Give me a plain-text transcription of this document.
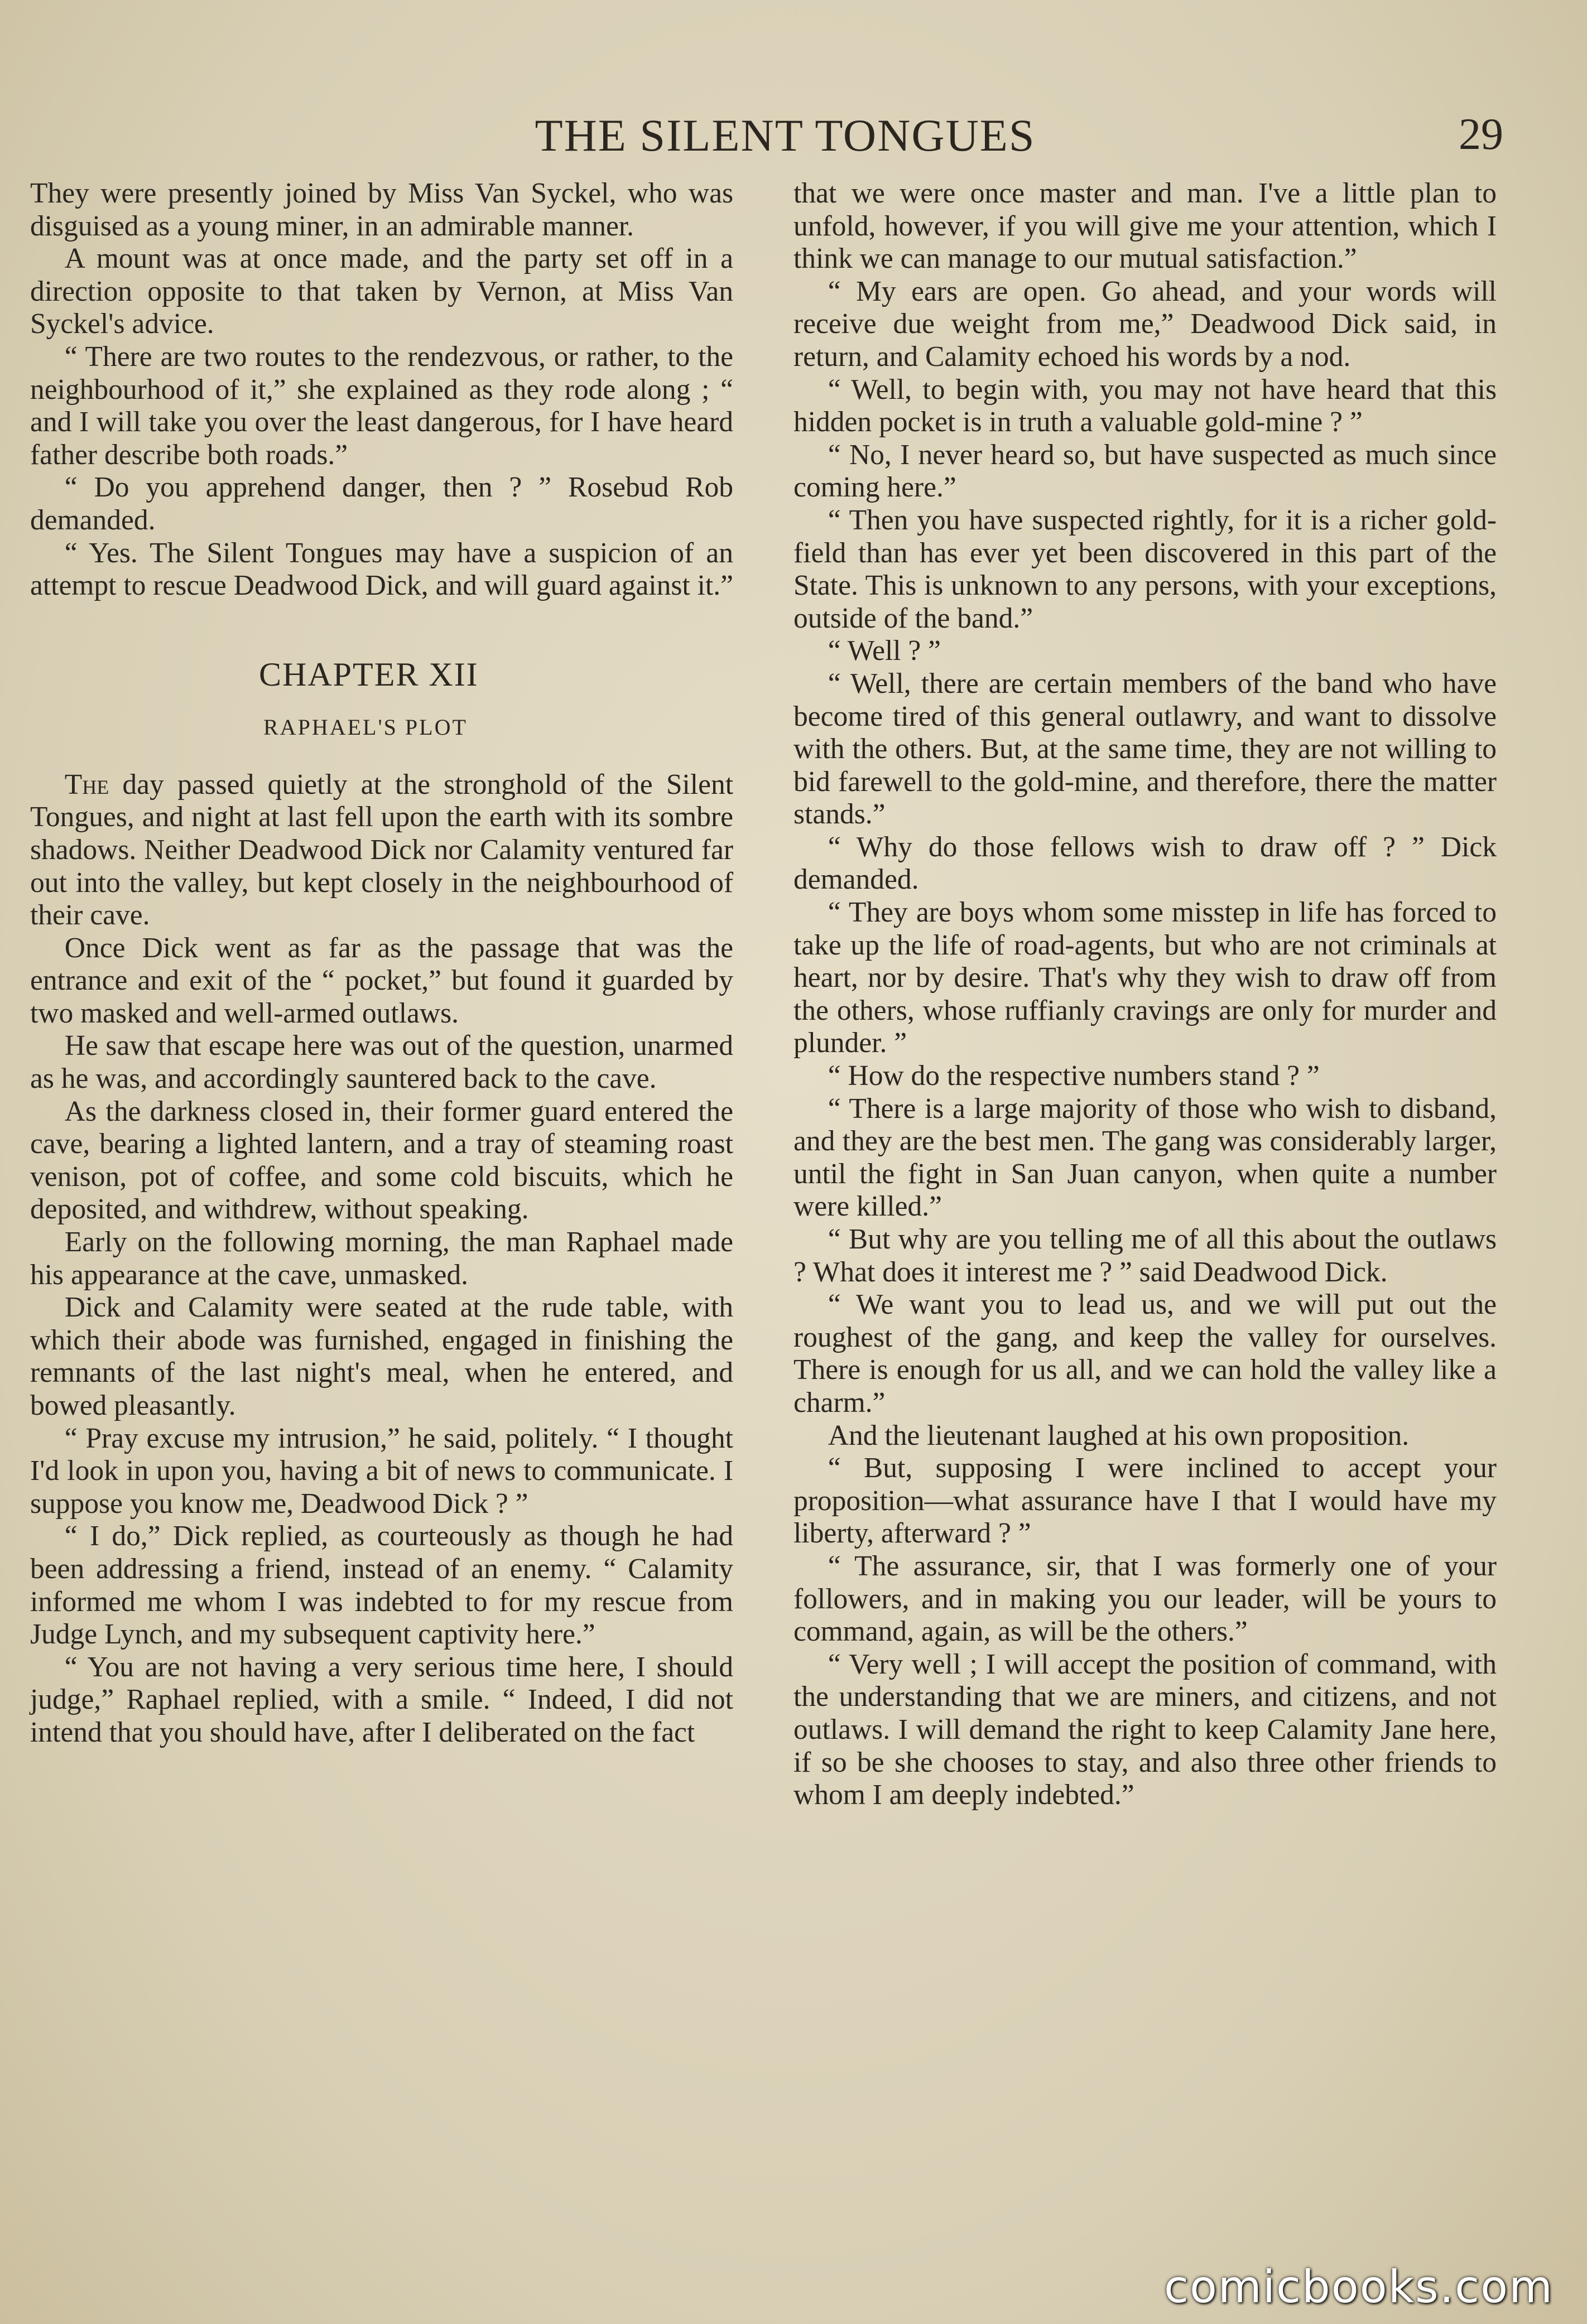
THE SILENT TONGUES	29

They were presently joined by Miss Van Syckel, who was disguised as a young miner, in an admirable manner.

A mount was at once made, and the party set off in a direction opposite to that taken by Vernon, at Miss Van Syckel's advice.

“ There are two routes to the rendezvous, or rather, to the neighbourhood of it,” she explained as they rode along ; “ and I will take you over the least dangerous, for I have heard father describe both roads.”

“ Do you apprehend danger, then ? ” Rosebud Rob demanded.

“ Yes. The Silent Tongues may have a suspicion of an attempt to rescue Deadwood Dick, and will guard against it.”

CHAPTER XII
RAPHAEL'S PLOT

The day passed quietly at the stronghold of the Silent Tongues, and night at last fell upon the earth with its sombre shadows. Neither Deadwood Dick nor Calamity ventured far out into the valley, but kept closely in the neighbourhood of their cave.

Once Dick went as far as the passage that was the entrance and exit of the “ pocket,” but found it guarded by two masked and well-armed outlaws.

He saw that escape here was out of the question, unarmed as he was, and accordingly sauntered back to the cave.

As the darkness closed in, their former guard entered the cave, bearing a lighted lantern, and a tray of steaming roast venison, pot of coffee, and some cold biscuits, which he deposited, and withdrew, without speaking.

Early on the following morning, the man Raphael made his appearance at the cave, unmasked.

Dick and Calamity were seated at the rude table, with which their abode was furnished, engaged in finishing the remnants of the last night's meal, when he entered, and bowed pleasantly.

“ Pray excuse my intrusion,” he said, politely. “ I thought I'd look in upon you, having a bit of news to communicate. I suppose you know me, Deadwood Dick ? ”

“ I do,” Dick replied, as courteously as though he had been addressing a friend, instead of an enemy. “ Calamity informed me whom I was indebted to for my rescue from Judge Lynch, and my subsequent captivity here.”

“ You are not having a very serious time here, I should judge,” Raphael replied, with a smile. “ Indeed, I did not intend that you should have, after I deliberated on the fact

that we were once master and man. I've a little plan to unfold, however, if you will give me your attention, which I think we can manage to our mutual satisfaction.”

“ My ears are open. Go ahead, and your words will receive due weight from me,” Deadwood Dick said, in return, and Calamity echoed his words by a nod.

“ Well, to begin with, you may not have heard that this hidden pocket is in truth a valuable gold-mine ? ”

“ No, I never heard so, but have suspected as much since coming here.”

“ Then you have suspected rightly, for it is a richer gold-field than has ever yet been discovered in this part of the State. This is unknown to any persons, with your exceptions, outside of the band.”

“ Well ? ”

“ Well, there are certain members of the band who have become tired of this general outlawry, and want to dissolve with the others. But, at the same time, they are not willing to bid farewell to the gold-mine, and therefore, there the matter stands.”

“ Why do those fellows wish to draw off ? ” Dick demanded.

“ They are boys whom some misstep in life has forced to take up the life of road-agents, but who are not criminals at heart, nor by desire. That's why they wish to draw off from the others, whose ruffianly cravings are only for murder and plunder. ”

“ How do the respective numbers stand ? ”

“ There is a large majority of those who wish to disband, and they are the best men. The gang was considerably larger, until the fight in San Juan canyon, when quite a number were killed.”

“ But why are you telling me of all this about the outlaws ? What does it interest me ? ” said Deadwood Dick.

“ We want you to lead us, and we will put out the roughest of the gang, and keep the valley for ourselves. There is enough for us all, and we can hold the valley like a charm.”

And the lieutenant laughed at his own proposition.

“ But, supposing I were inclined to accept your proposition—what assurance have I that I would have my liberty, afterward ? ”

“ The assurance, sir, that I was formerly one of your followers, and in making you our leader, will be yours to command, again, as will be the others.”

“ Very well ; I will accept the position of command, with the understanding that we are miners, and citizens, and not outlaws. I will demand the right to keep Calamity Jane here, if so be she chooses to stay, and also three other friends to whom I am deeply indebted.”

comicbooks.com
